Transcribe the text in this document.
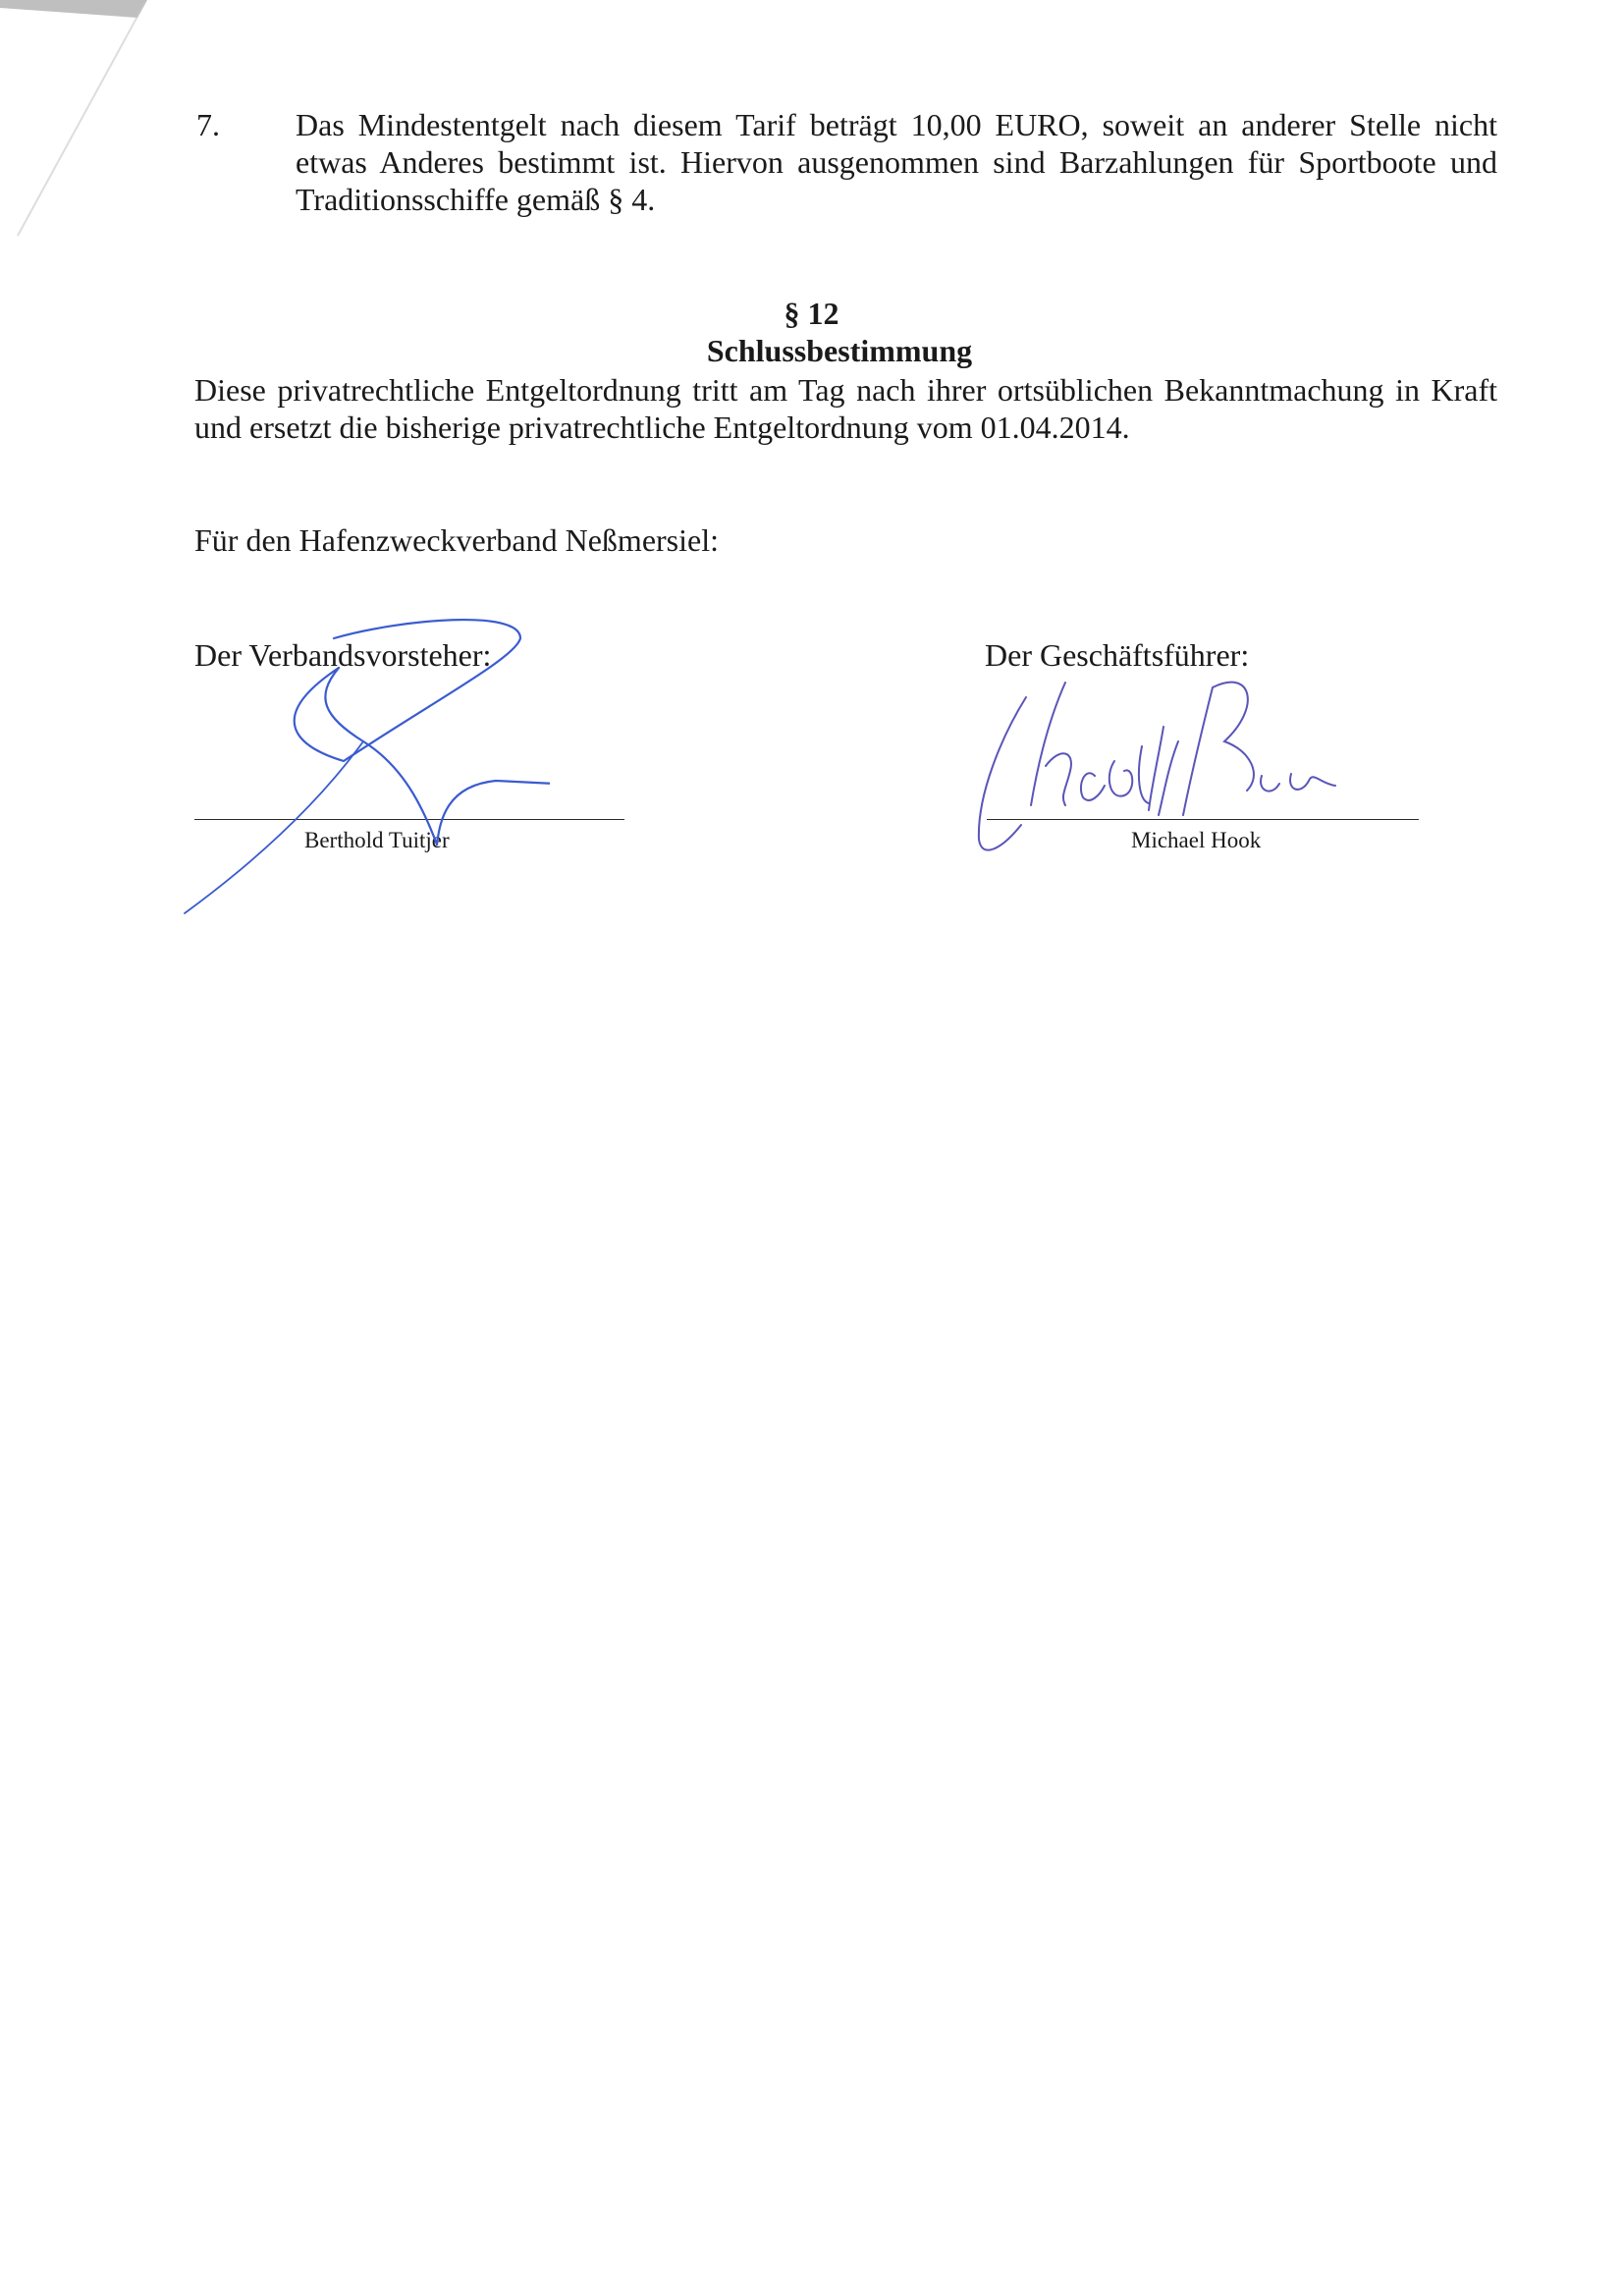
7. Das Mindestentgelt nach diesem Tarif beträgt 10,00 EURO, soweit an anderer Stelle nicht etwas Anderes bestimmt ist. Hiervon ausgenommen sind Barzahlungen für Sportboote und Traditionsschiffe gemäß § 4.
§ 12
Schlussbestimmung
Diese privatrechtliche Entgeltordnung tritt am Tag nach ihrer ortsüblichen Bekanntmachung in Kraft und ersetzt die bisherige privatrechtliche Entgeltordnung vom 01.04.2014.
Für den Hafenzweckverband Neßmersiel:
Der Verbandsvorsteher:	Der Geschäftsführer:
Berthold Tuitjer	Michael Hook
